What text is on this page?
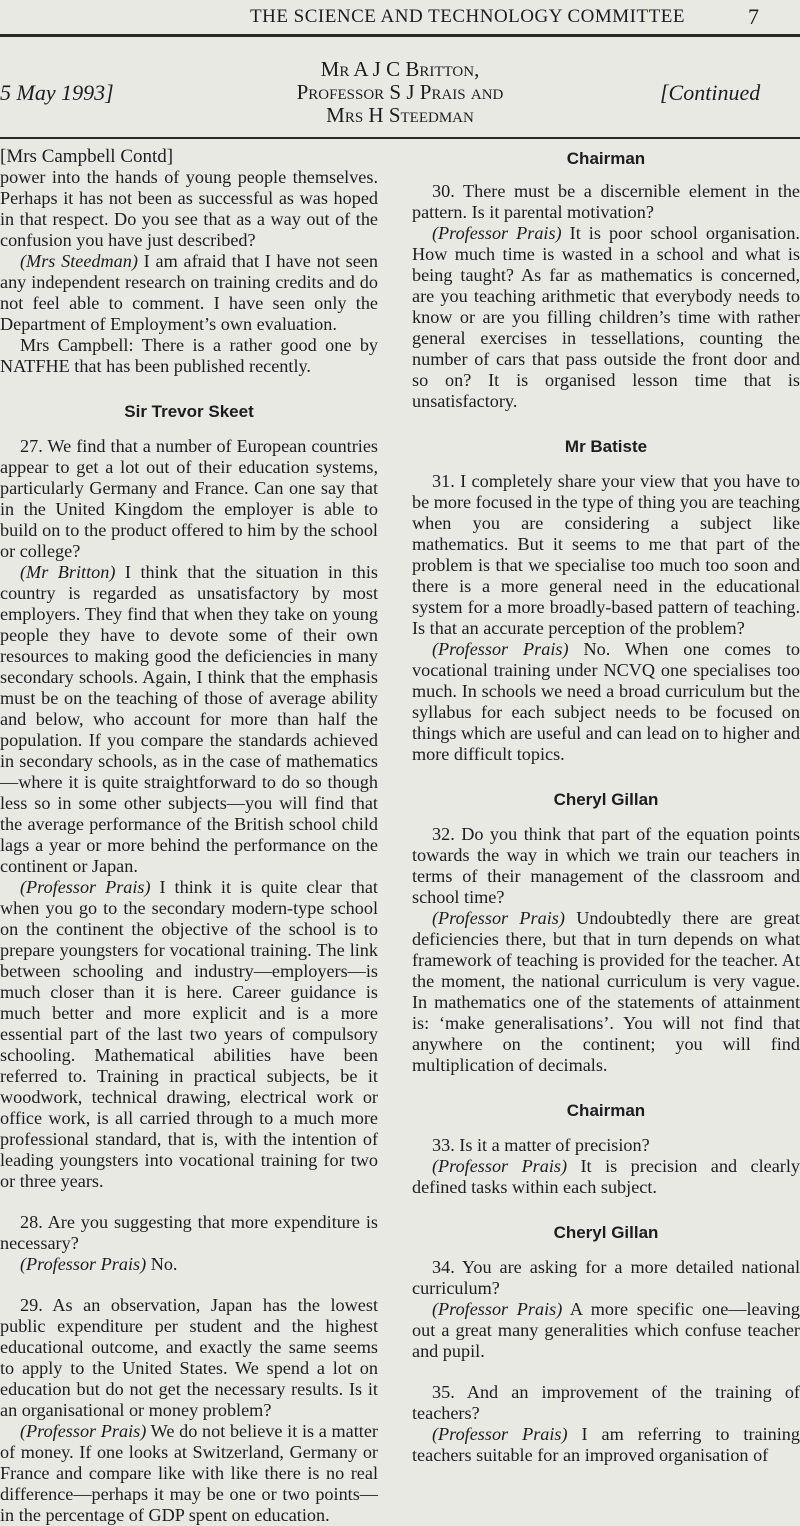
THE SCIENCE AND TECHNOLOGY COMMITTEE	7
5 May 1993]
Mr A J C Britton,
Professor S J Prais and
Mrs H Steedman
[Continued

[Mrs Campbell Contd]

power into the hands of young people themselves. Perhaps it has not been as successful as was hoped in that respect. Do you see that as a way out of the confusion you have just described?

(Mrs Steedman) I am afraid that I have not seen any independent research on training credits and do not feel able to comment. I have seen only the Department of Employment’s own evaluation.

Mrs Campbell: There is a rather good one by NATFHE that has been published recently.

Sir Trevor Skeet

27. We find that a number of European countries appear to get a lot out of their education systems, particularly Germany and France. Can one say that in the United Kingdom the employer is able to build on to the product offered to him by the school or college?

(Mr Britton) I think that the situation in this country is regarded as unsatisfactory by most employers. They find that when they take on young people they have to devote some of their own resources to making good the deficiencies in many secondary schools. Again, I think that the emphasis must be on the teaching of those of average ability and below, who account for more than half the population. If you compare the standards achieved in secondary schools, as in the case of mathematics—where it is quite straightforward to do so though less so in some other subjects—you will find that the average performance of the British school child lags a year or more behind the performance on the continent or Japan.

(Professor Prais) I think it is quite clear that when you go to the secondary modern-type school on the continent the objective of the school is to prepare youngsters for vocational training. The link between schooling and industry—employers—is much closer than it is here. Career guidance is much better and more explicit and is a more essential part of the last two years of compulsory schooling. Mathematical abilities have been referred to. Training in practical subjects, be it woodwork, technical drawing, electrical work or office work, is all carried through to a much more professional standard, that is, with the intention of leading youngsters into vocational training for two or three years.

28. Are you suggesting that more expenditure is necessary?

(Professor Prais) No.

29. As an observation, Japan has the lowest public expenditure per student and the highest educational outcome, and exactly the same seems to apply to the United States. We spend a lot on education but do not get the necessary results. Is it an organisational or money problem?

(Professor Prais) We do not believe it is a matter of money. If one looks at Switzerland, Germany or France and compare like with like there is no real difference—perhaps it may be one or two points—in the percentage of GDP spent on education.

Chairman

30. There must be a discernible element in the pattern. Is it parental motivation?

(Professor Prais) It is poor school organisation. How much time is wasted in a school and what is being taught? As far as mathematics is concerned, are you teaching arithmetic that everybody needs to know or are you filling children’s time with rather general exercises in tessellations, counting the number of cars that pass outside the front door and so on? It is organised lesson time that is unsatisfactory.

Mr Batiste

31. I completely share your view that you have to be more focused in the type of thing you are teaching when you are considering a subject like mathematics. But it seems to me that part of the problem is that we specialise too much too soon and there is a more general need in the educational system for a more broadly-based pattern of teaching. Is that an accurate perception of the problem?

(Professor Prais) No. When one comes to vocational training under NCVQ one specialises too much. In schools we need a broad curriculum but the syllabus for each subject needs to be focused on things which are useful and can lead on to higher and more difficult topics.

Cheryl Gillan

32. Do you think that part of the equation points towards the way in which we train our teachers in terms of their management of the classroom and school time?

(Professor Prais) Undoubtedly there are great deficiencies there, but that in turn depends on what framework of teaching is provided for the teacher. At the moment, the national curriculum is very vague. In mathematics one of the statements of attainment is: ‘make generalisations’. You will not find that anywhere on the continent; you will find multiplication of decimals.

Chairman

33. Is it a matter of precision?

(Professor Prais) It is precision and clearly defined tasks within each subject.

Cheryl Gillan

34. You are asking for a more detailed national curriculum?

(Professor Prais) A more specific one—leaving out a great many generalities which confuse teacher and pupil.

35. And an improvement of the training of teachers?

(Professor Prais) I am referring to training teachers suitable for an improved organisation of
